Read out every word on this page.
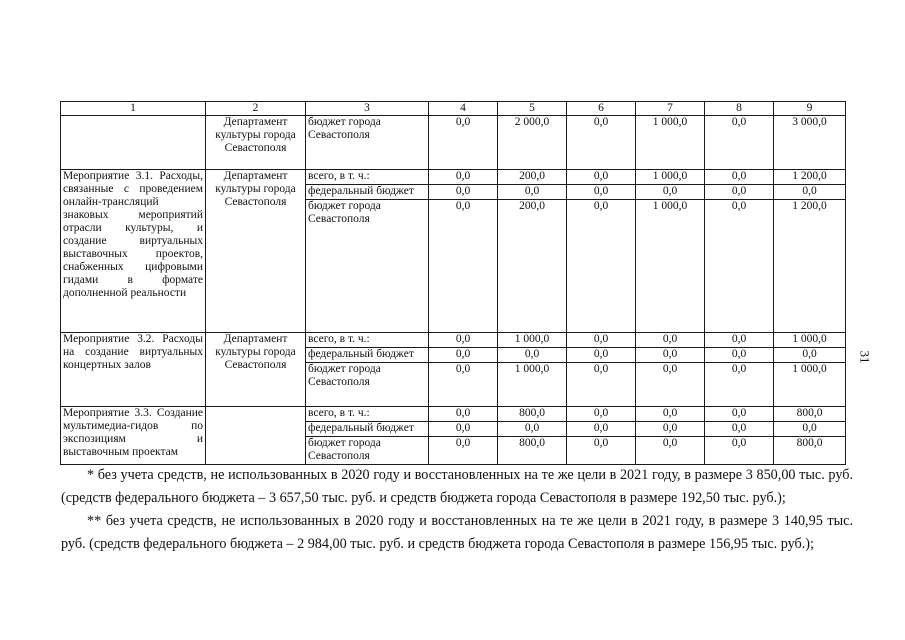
1	2	3	4	5	6	7	8	9
	Департамент культуры города Севастополя	бюджет города Севастополя	0,0	2 000,0	0,0	1 000,0	0,0	3 000,0
Мероприятие 3.1. Расходы, связанные с проведением онлайн-трансляций знаковых мероприятий отрасли культуры, и создание виртуальных выставочных проектов, снабженных цифровыми гидами в формате дополненной реальности	Департамент культуры города Севастополя	всего, в т. ч.:	0,0	200,0	0,0	1 000,0	0,0	1 200,0
		федеральный бюджет	0,0	0,0	0,0	0,0	0,0	0,0
		бюджет города Севастополя	0,0	200,0	0,0	1 000,0	0,0	1 200,0
Мероприятие 3.2. Расходы на создание виртуальных концертных залов	Департамент культуры города Севастополя	всего, в т. ч.:	0,0	1 000,0	0,0	0,0	0,0	1 000,0
		федеральный бюджет	0,0	0,0	0,0	0,0	0,0	0,0
		бюджет города Севастополя	0,0	1 000,0	0,0	0,0	0,0	1 000,0
Мероприятие 3.3. Создание мультимедиа-гидов по экспозициям и выставочным проектам		всего, в т. ч.:	0,0	800,0	0,0	0,0	0,0	800,0
		федеральный бюджет	0,0	0,0	0,0	0,0	0,0	0,0
		бюджет города Севастополя	0,0	800,0	0,0	0,0	0,0	800,0

* без учета средств, не использованных в 2020 году и восстановленных на те же цели в 2021 году, в размере 3 850,00 тыс. руб. (средств федерального бюджета – 3 657,50 тыс. руб. и средств бюджета города Севастополя в размере 192,50 тыс. руб.);

** без учета средств, не использованных в 2020 году и восстановленных на те же цели в 2021 году, в размере 3 140,95 тыс. руб. (средств федерального бюджета – 2 984,00 тыс. руб. и средств бюджета города Севастополя в размере 156,95 тыс. руб.);

31
